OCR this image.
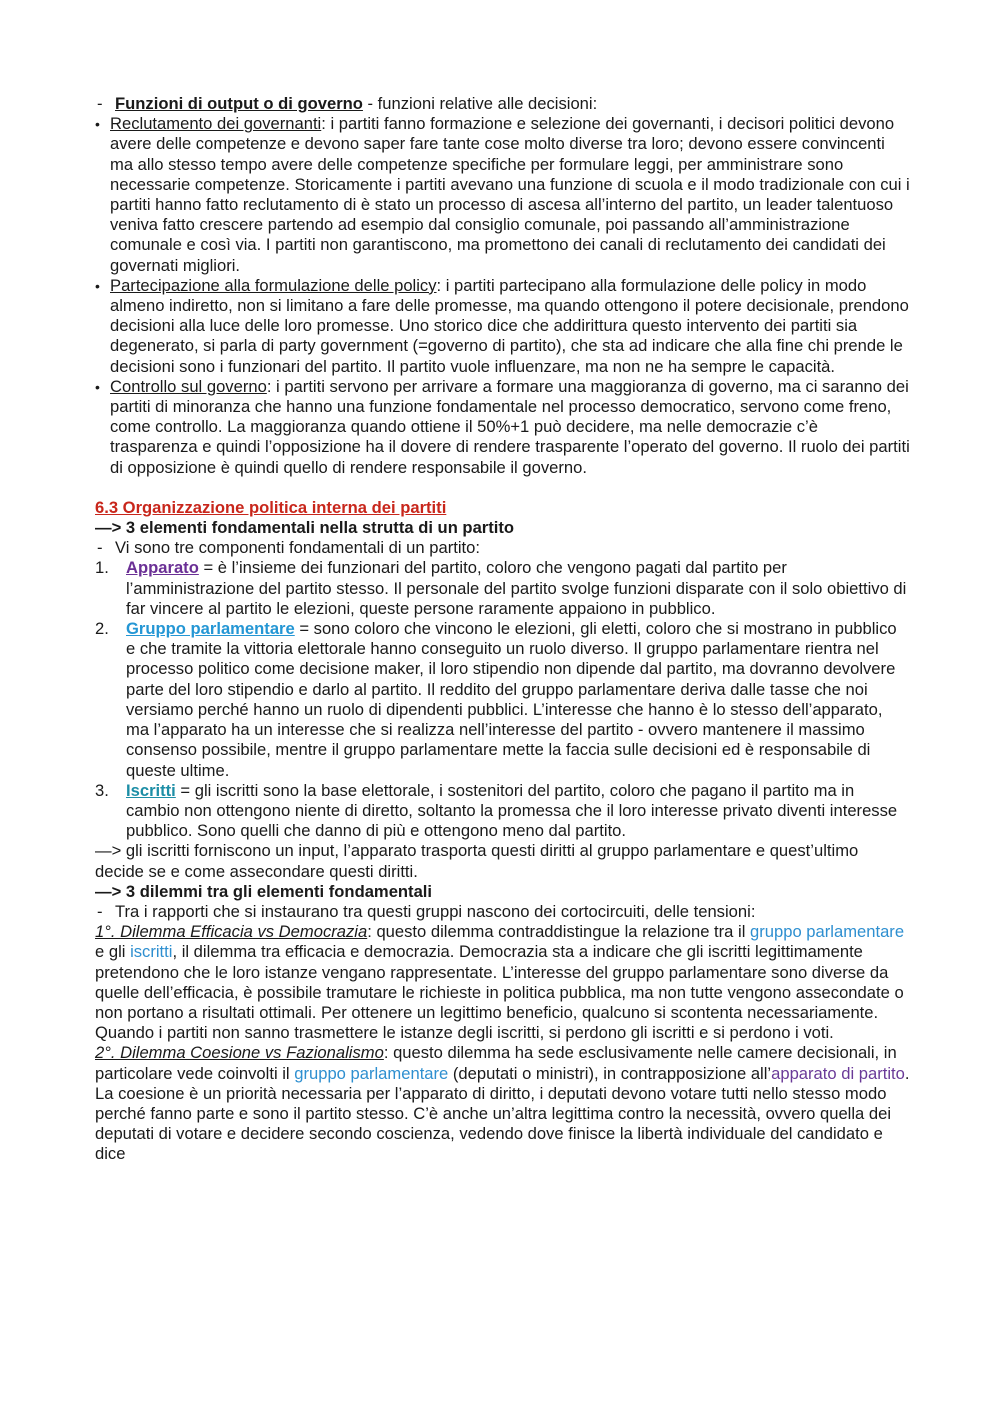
- Funzioni di output o di governo - funzioni relative alle decisioni:

• Reclutamento dei governanti: i partiti fanno formazione e selezione dei governanti, i decisori politici devono avere delle competenze e devono saper fare tante cose molto diverse tra loro; devono essere convincenti ma allo stesso tempo avere delle competenze specifiche per formulare leggi, per amministrare sono necessarie competenze. Storicamente i partiti avevano una funzione di scuola e il modo tradizionale con cui i partiti hanno fatto reclutamento di è stato un processo di ascesa all’interno del partito, un leader talentuoso veniva fatto crescere partendo ad esempio dal consiglio comunale, poi passando all’amministrazione comunale e così via. I partiti non garantiscono, ma promettono dei canali di reclutamento dei candidati dei governati migliori.

• Partecipazione alla formulazione delle policy: i partiti partecipano alla formulazione delle policy in modo almeno indiretto, non si limitano a fare delle promesse, ma quando ottengono il potere decisionale, prendono decisioni alla luce delle loro promesse. Uno storico dice che addirittura questo intervento dei partiti sia degenerato, si parla di party government (=governo di partito), che sta ad indicare che alla fine chi prende le decisioni sono i funzionari del partito. Il partito vuole influenzare, ma non ne ha sempre le capacità.

• Controllo sul governo: i partiti servono per arrivare a formare una maggioranza di governo, ma ci saranno dei partiti di minoranza che hanno una funzione fondamentale nel processo democratico, servono come freno, come controllo. La maggioranza quando ottiene il 50%+1 può decidere, ma nelle democrazie c’è trasparenza e quindi l’opposizione ha il dovere di rendere trasparente l’operato del governo. Il ruolo dei partiti di opposizione è quindi quello di rendere responsabile il governo.

6.3 Organizzazione politica interna dei partiti

—> 3 elementi fondamentali nella strutta di un partito

- Vi sono tre componenti fondamentali di un partito:

1. Apparato = è l’insieme dei funzionari del partito, coloro che vengono pagati dal partito per l’amministrazione del partito stesso. Il personale del partito svolge funzioni disparate con il solo obiettivo di far vincere al partito le elezioni, queste persone raramente appaiono in pubblico.

2. Gruppo parlamentare = sono coloro che vincono le elezioni, gli eletti, coloro che si mostrano in pubblico e che tramite la vittoria elettorale hanno conseguito un ruolo diverso. Il gruppo parlamentare rientra nel processo politico come decisione maker, il loro stipendio non dipende dal partito, ma dovranno devolvere parte del loro stipendio e darlo al partito. Il reddito del gruppo parlamentare deriva dalle tasse che noi versiamo perché hanno un ruolo di dipendenti pubblici. L’interesse che hanno è lo stesso dell’apparato, ma l’apparato ha un interesse che si realizza nell’interesse del partito - ovvero mantenere il massimo consenso possibile, mentre il gruppo parlamentare mette la faccia sulle decisioni ed è responsabile di queste ultime.

3. Iscritti = gli iscritti sono la base elettorale, i sostenitori del partito, coloro che pagano il partito ma in cambio non ottengono niente di diretto, soltanto la promessa che il loro interesse privato diventi interesse pubblico. Sono quelli che danno di più e ottengono meno dal partito.

—> gli iscritti forniscono un input, l’apparato trasporta questi diritti al gruppo parlamentare e quest’ultimo decide se e come assecondare questi diritti.

—> 3 dilemmi tra gli elementi fondamentali

- Tra i rapporti che si instaurano tra questi gruppi nascono dei cortocircuiti, delle tensioni:

1°. Dilemma Efficacia vs Democrazia: questo dilemma contraddistingue la relazione tra il gruppo parlamentare e gli iscritti, il dilemma tra efficacia e democrazia. Democrazia sta a indicare che gli iscritti legittimamente pretendono che le loro istanze vengano rappresentate. L’interesse del gruppo parlamentare sono diverse da quelle dell’efficacia, è possibile tramutare le richieste in politica pubblica, ma non tutte vengono assecondate o non portano a risultati ottimali. Per ottenere un legittimo beneficio, qualcuno si scontenta necessariamente. Quando i partiti non sanno trasmettere le istanze degli iscritti, si perdono gli iscritti e si perdono i voti.

2°. Dilemma Coesione vs Fazionalismo: questo dilemma ha sede esclusivamente nelle camere decisionali, in particolare vede coinvolti il gruppo parlamentare (deputati o ministri), in contrapposizione all’apparato di partito. La coesione è un priorità necessaria per l’apparato di diritto, i deputati devono votare tutti nello stesso modo perché fanno parte e sono il partito stesso. C’è anche un’altra legittima contro la necessità, ovvero quella dei deputati di votare e decidere secondo coscienza, vedendo dove finisce la libertà individuale del candidato e dice
